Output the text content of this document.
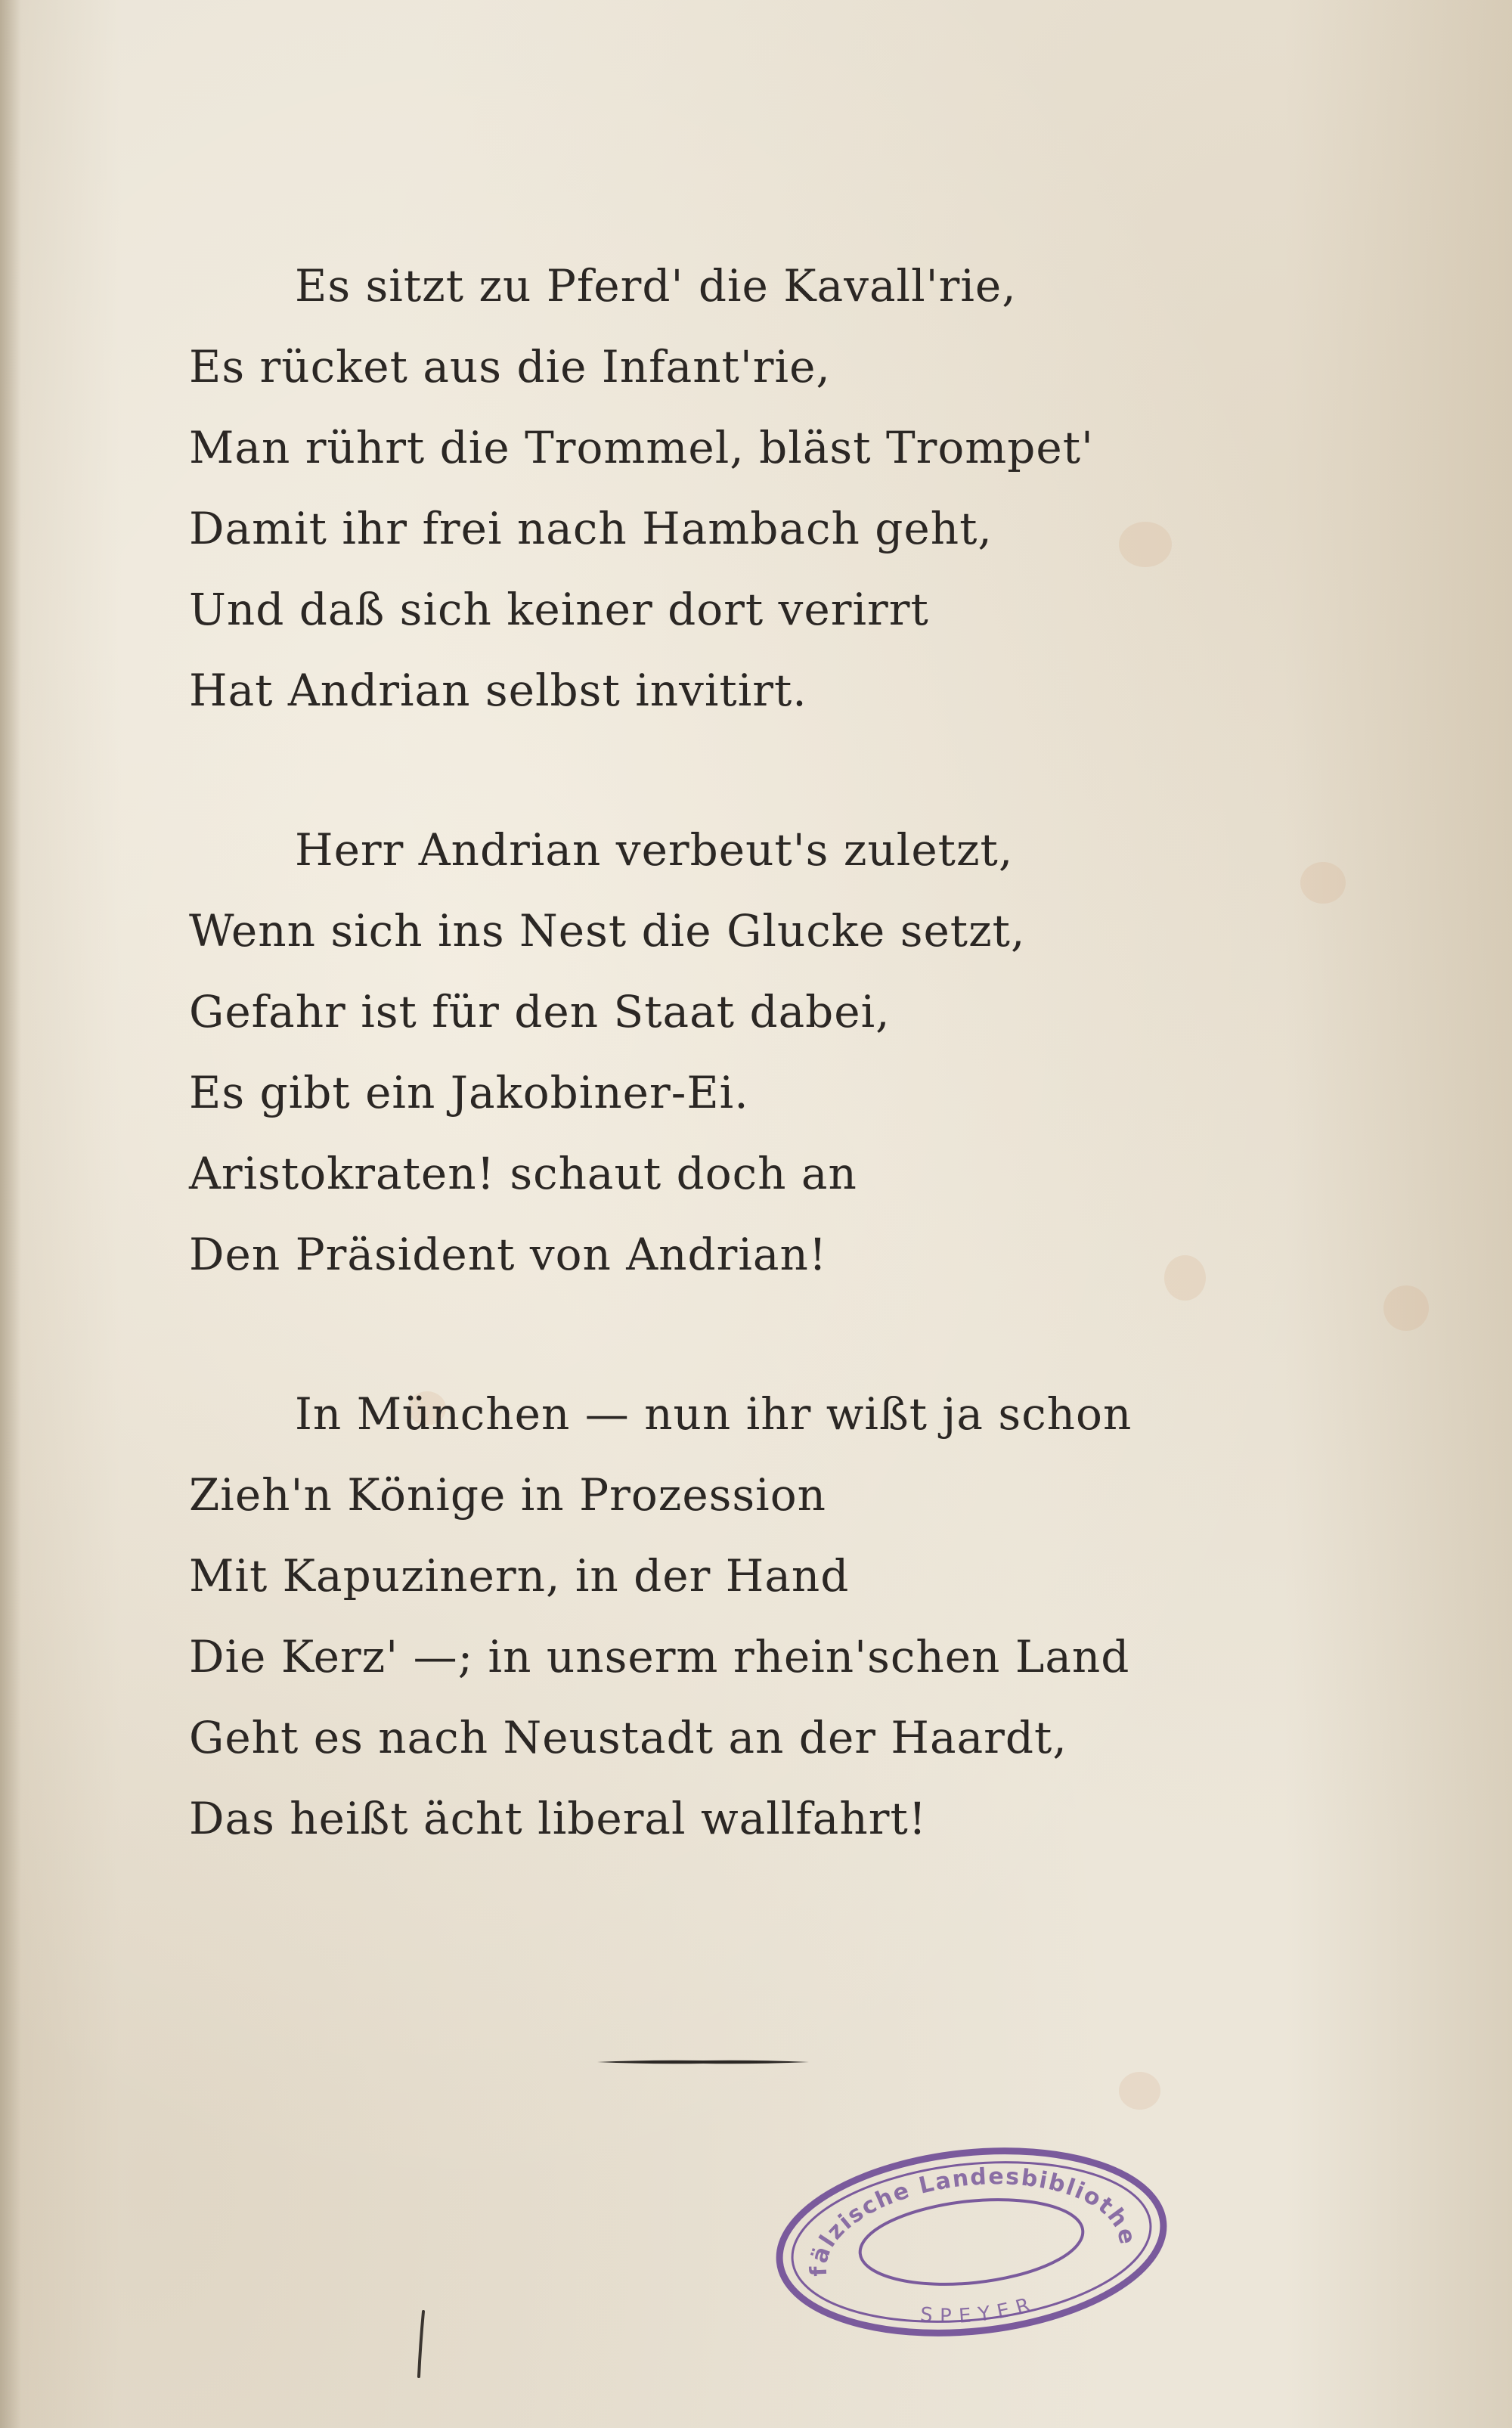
Es sitzt zu Pferd' die Kavall'rie,
Es rücket aus die Infant'rie,
Man rührt die Trommel, bläst Trompet'
Damit ihr frei nach Hambach geht,
Und daß sich keiner dort verirrt
Hat Andrian selbst invitirt.
Herr Andrian verbeut's zuletzt,
Wenn sich ins Nest die Glucke setzt,
Gefahr ist für den Staat dabei,
Es gibt ein Jakobiner-Ei.
Aristokraten! schaut doch an
Den Präsident von Andrian!
In München — nun ihr wißt ja schon
Zieh'n Könige in Prozession
Mit Kapuzinern, in der Hand
Die Kerz' —; in unserm rhein'schen Land
Geht es nach Neustadt an der Haardt,
Das heißt ächt liberal wallfahrt!
Pfälzische Landesbibliothek
SPEYER
